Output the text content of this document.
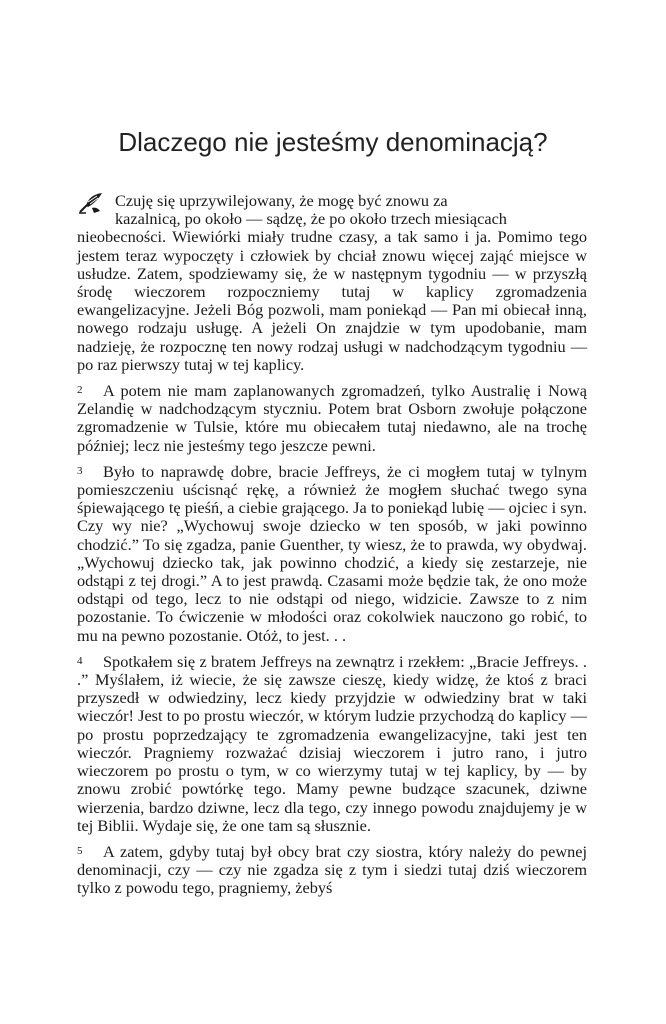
Dlaczego nie jesteśmy denominacją?

Czuję się uprzywilejowany, że mogę być znowu za
kazalnicą, po około — sądzę, że po około trzech miesiącach
nieobecności. Wiewiórki miały trudne czasy, a tak samo i ja. Pomimo tego jestem teraz wypoczęty i człowiek by chciał znowu więcej zająć miejsce w usłudze. Zatem, spodziewamy się, że w następnym tygodniu — w przyszłą środę wieczorem rozpoczniemy tutaj w kaplicy zgromadzenia ewangelizacyjne. Jeżeli Bóg pozwoli, mam poniekąd — Pan mi obiecał inną, nowego rodzaju usługę. A jeżeli On znajdzie w tym upodobanie, mam nadzieję, że rozpocznę ten nowy rodzaj usługi w nadchodzącym tygodniu — po raz pierwszy tutaj w tej kaplicy.

2 A potem nie mam zaplanowanych zgromadzeń, tylko Australię i Nową Zelandię w nadchodzącym styczniu. Potem brat Osborn zwołuje połączone zgromadzenie w Tulsie, które mu obiecałem tutaj niedawno, ale na trochę później; lecz nie jesteśmy tego jeszcze pewni.

3 Było to naprawdę dobre, bracie Jeffreys, że ci mogłem tutaj w tylnym pomieszczeniu uścisnąć rękę, a również że mogłem słuchać twego syna śpiewającego tę pieśń, a ciebie grającego. Ja to poniekąd lubię — ojciec i syn. Czy wy nie? „Wychowuj swoje dziecko w ten sposób, w jaki powinno chodzić.” To się zgadza, panie Guenther, ty wiesz, że to prawda, wy obydwaj. „Wychowuj dziecko tak, jak powinno chodzić, a kiedy się zestarzeje, nie odstąpi z tej drogi.” A to jest prawdą. Czasami może będzie tak, że ono może odstąpi od tego, lecz to nie odstąpi od niego, widzicie. Zawsze to z nim pozostanie. To ćwiczenie w młodości oraz cokolwiek nauczono go robić, to mu na pewno pozostanie. Otóż, to jest. . .

4 Spotkałem się z bratem Jeffreys na zewnątrz i rzekłem: „Bracie Jeffreys. . .” Myślałem, iż wiecie, że się zawsze cieszę, kiedy widzę, że ktoś z braci przyszedł w odwiedziny, lecz kiedy przyjdzie w odwiedziny brat w taki wieczór! Jest to po prostu wieczór, w którym ludzie przychodzą do kaplicy — po prostu poprzedzający te zgromadzenia ewangelizacyjne, taki jest ten wieczór. Pragniemy rozważać dzisiaj wieczorem i jutro rano, i jutro wieczorem po prostu o tym, w co wierzymy tutaj w tej kaplicy, by — by znowu zrobić powtórkę tego. Mamy pewne budzące szacunek, dziwne wierzenia, bardzo dziwne, lecz dla tego, czy innego powodu znajdujemy je w tej Biblii. Wydaje się, że one tam są słusznie.

5 A zatem, gdyby tutaj był obcy brat czy siostra, który należy do pewnej denominacji, czy — czy nie zgadza się z tym i siedzi tutaj dziś wieczorem tylko z powodu tego, pragniemy, żebyś
